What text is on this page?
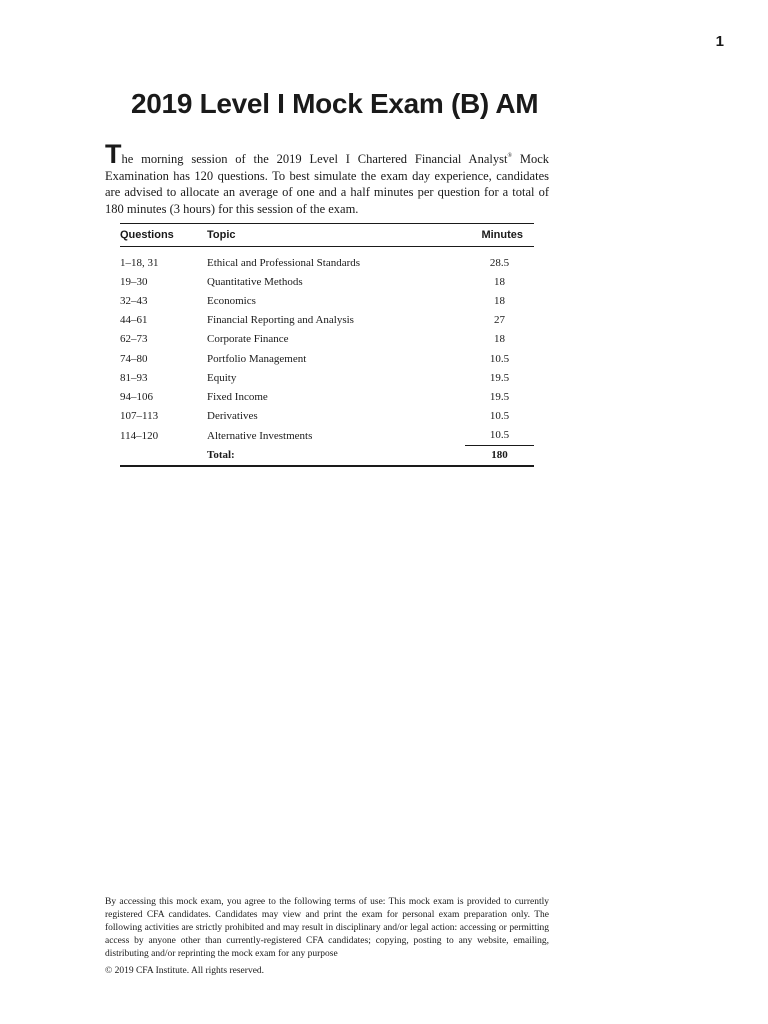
1
2019 Level I Mock Exam (B) AM

The morning session of the 2019 Level I Chartered Financial Analyst® Mock Examination has 120 questions. To best simulate the exam day experience, candidates are advised to allocate an average of one and a half minutes per question for a total of 180 minutes (3 hours) for this session of the exam.

Questions	Topic	Minutes
1–18, 31	Ethical and Professional Standards	28.5
19–30	Quantitative Methods	18
32–43	Economics	18
44–61	Financial Reporting and Analysis	27
62–73	Corporate Finance	18
74–80	Portfolio Management	10.5
81–93	Equity	19.5
94–106	Fixed Income	19.5
107–113	Derivatives	10.5
114–120	Alternative Investments	10.5
	Total:	180

By accessing this mock exam, you agree to the following terms of use: This mock exam is provided to currently registered CFA candidates. Candidates may view and print the exam for personal exam preparation only. The following activities are strictly prohibited and may result in disciplinary and/or legal action: accessing or permitting access by anyone other than currently-registered CFA candidates; copying, posting to any website, emailing, distributing and/or reprinting the mock exam for any purpose

© 2019 CFA Institute. All rights reserved.
